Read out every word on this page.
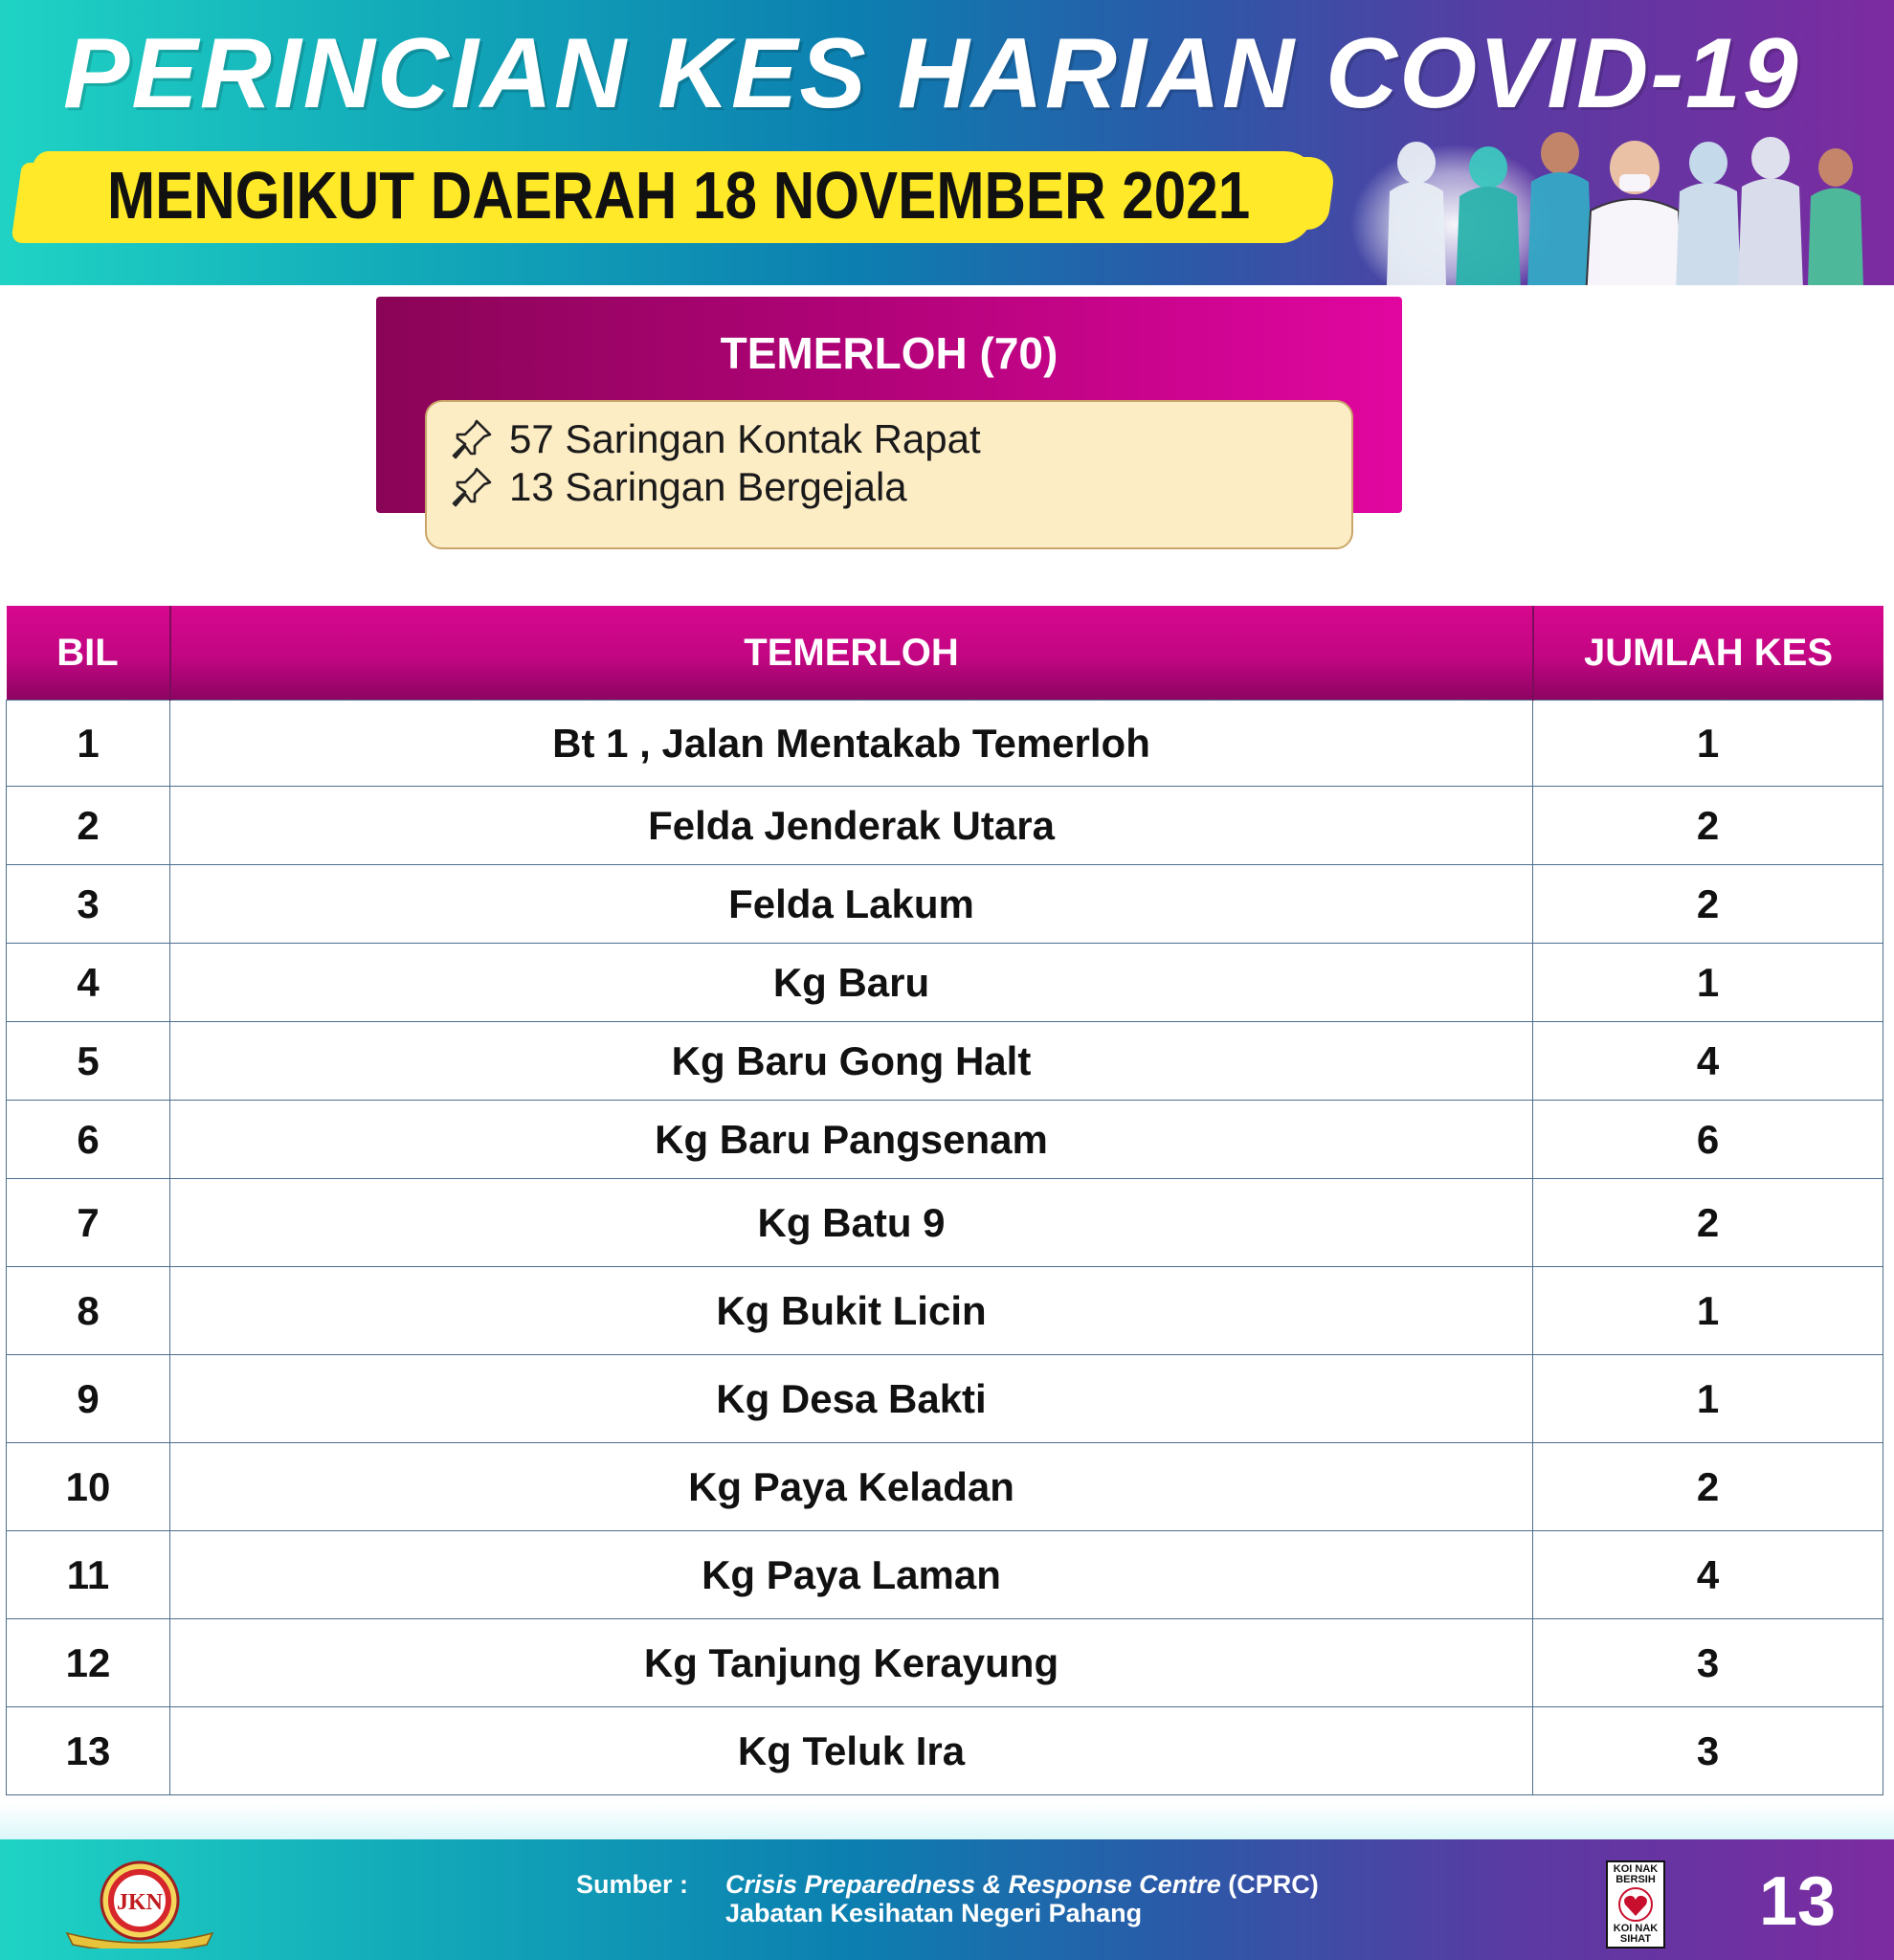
PERINCIAN KES HARIAN COVID-19
MENGIKUT DAERAH 18 NOVEMBER 2021
TEMERLOH (70)
57 Saringan Kontak Rapat
13 Saringan Bergejala
BIL	TEMERLOH	JUMLAH KES
1	Bt 1 , Jalan Mentakab Temerloh	1
2	Felda Jenderak Utara	2
3	Felda Lakum	2
4	Kg Baru	1
5	Kg Baru Gong Halt	4
6	Kg Baru Pangsenam	6
7	Kg Batu 9	2
8	Kg Bukit Licin	1
9	Kg Desa Bakti	1
10	Kg Paya Keladan	2
11	Kg Paya Laman	4
12	Kg Tanjung Kerayung	3
13	Kg Teluk Ira	3
JKN
Sumber : Crisis Preparedness & Response Centre (CPRC)
Jabatan Kesihatan Negeri Pahang
KOI NAK BERSIH
KOI NAK SIHAT 13
